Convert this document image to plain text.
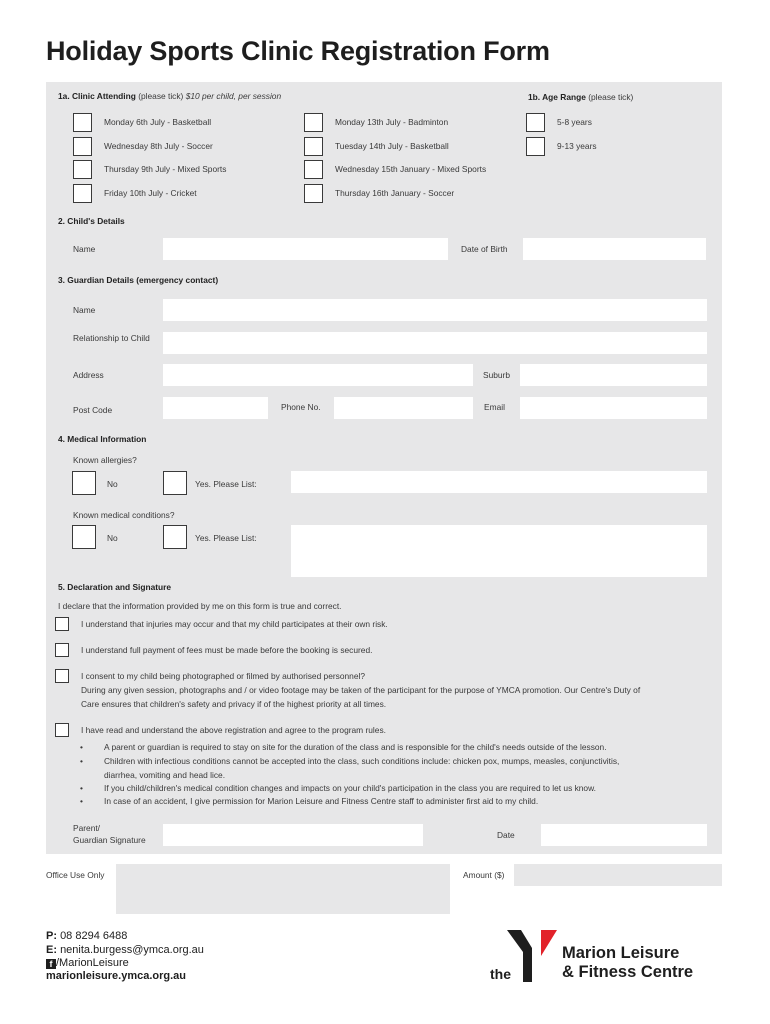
Holiday Sports Clinic Registration Form
1a. Clinic Attending (please tick) $10 per child, per session	1b. Age Range (please tick)
Monday 6th July - Basketball
Wednesday 8th July - Soccer
Thursday 9th July - Mixed Sports
Friday 10th July - Cricket
Monday 13th July - Badminton
Tuesday 14th July - Basketball
Wednesday 15th January - Mixed Sports
Thursday 16th January - Soccer
5-8 years
9-13 years
2. Child's Details
Name	Date of Birth
3. Guardian Details (emergency contact)
Name
Relationship to Child
Address	Suburb
Post Code	Phone No.	Email
4. Medical Information
Known allergies?
No	Yes. Please List:
Known medical conditions?
No	Yes. Please List:
5. Declaration and Signature
I declare that the information provided by me on this form is true and correct.
I understand that injuries may occur and that my child participates at their own risk.
I understand full payment of fees must be made before the booking is secured.
I consent to my child being photographed or filmed by authorised personnel?
During any given session, photographs and / or video footage may be taken of the participant for the purpose of YMCA promotion. Our Centre's Duty of
Care ensures that children's safety and privacy if of the highest priority at all times.
I have read and understand the above registration and agree to the program rules.
• A parent or guardian is required to stay on site for the duration of the class and is responsible for the child's needs outside of the lesson.
• Children with infectious conditions cannot be accepted into the class, such conditions include: chicken pox, mumps, measles, conjunctivitis,
diarrhea, vomiting and head lice.
• If you child/children's medical condition changes and impacts on your child's participation in the class you are required to let us know.
• In case of an accident, I give permission for Marion Leisure and Fitness Centre staff to administer first aid to my child.
Parent/
Guardian Signature	Date
Office Use Only	Amount ($)
P: 08 8294 6488
E: nenita.burgess@ymca.org.au
f /MarionLeisure
marionleisure.ymca.org.au	the
Marion Leisure
& Fitness Centre
